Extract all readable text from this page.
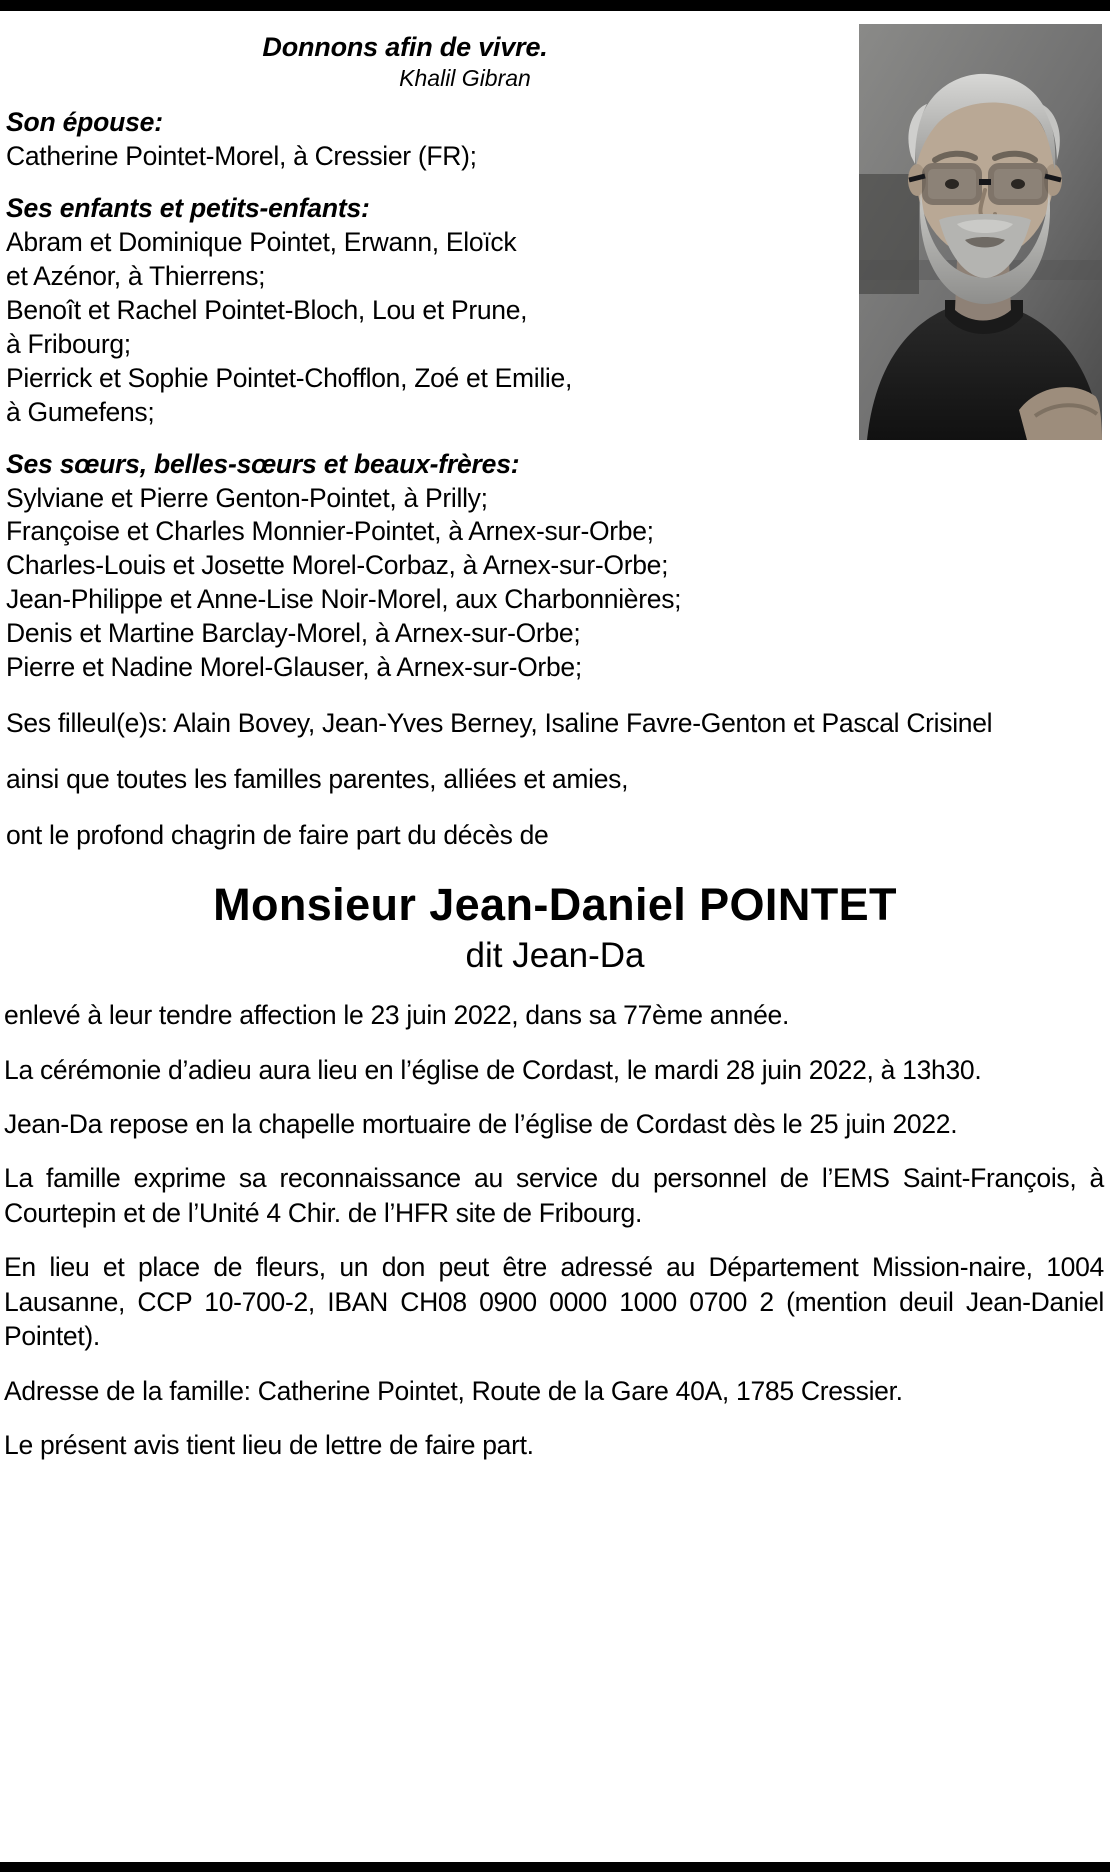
Donnons afin de vivre.
Khalil Gibran
Son épouse:
Catherine Pointet-Morel, à Cressier (FR);
Ses enfants et petits-enfants:
Abram et Dominique Pointet, Erwann, Eloïck
et Azénor, à Thierrens;
Benoît et Rachel Pointet-Bloch, Lou et Prune,
à Fribourg;
Pierrick et Sophie Pointet-Chofflon, Zoé et Emilie,
à Gumefens;
Ses sœurs, belles-sœurs et beaux-frères:
Sylviane et Pierre Genton-Pointet, à Prilly;
Françoise et Charles Monnier-Pointet, à Arnex-sur-Orbe;
Charles-Louis et Josette Morel-Corbaz, à Arnex-sur-Orbe;
Jean-Philippe et Anne-Lise Noir-Morel, aux Charbonnières;
Denis et Martine Barclay-Morel, à Arnex-sur-Orbe;
Pierre et Nadine Morel-Glauser, à Arnex-sur-Orbe;
Ses filleul(e)s: Alain Bovey, Jean-Yves Berney, Isaline Favre-Genton et Pascal Crisinel
ainsi que toutes les familles parentes, alliées et amies,
ont le profond chagrin de faire part du décès de
Monsieur Jean-Daniel POINTET
dit Jean-Da
enlevé à leur tendre affection le 23 juin 2022, dans sa 77ème année.
La cérémonie d’adieu aura lieu en l’église de Cordast, le mardi 28 juin 2022, à 13h30.
Jean-Da repose en la chapelle mortuaire de l’église de Cordast dès le 25 juin 2022.
La famille exprime sa reconnaissance au service du personnel de l’EMS Saint-François, à Courtepin et de l’Unité 4 Chir. de l’HFR site de Fribourg.
En lieu et place de fleurs, un don peut être adressé au Département Mission-naire, 1004 Lausanne, CCP 10-700-2, IBAN CH08 0900 0000 1000 0700 2 (mention deuil Jean-Daniel Pointet).
Adresse de la famille: Catherine Pointet, Route de la Gare 40A, 1785 Cressier.
Le présent avis tient lieu de lettre de faire part.
